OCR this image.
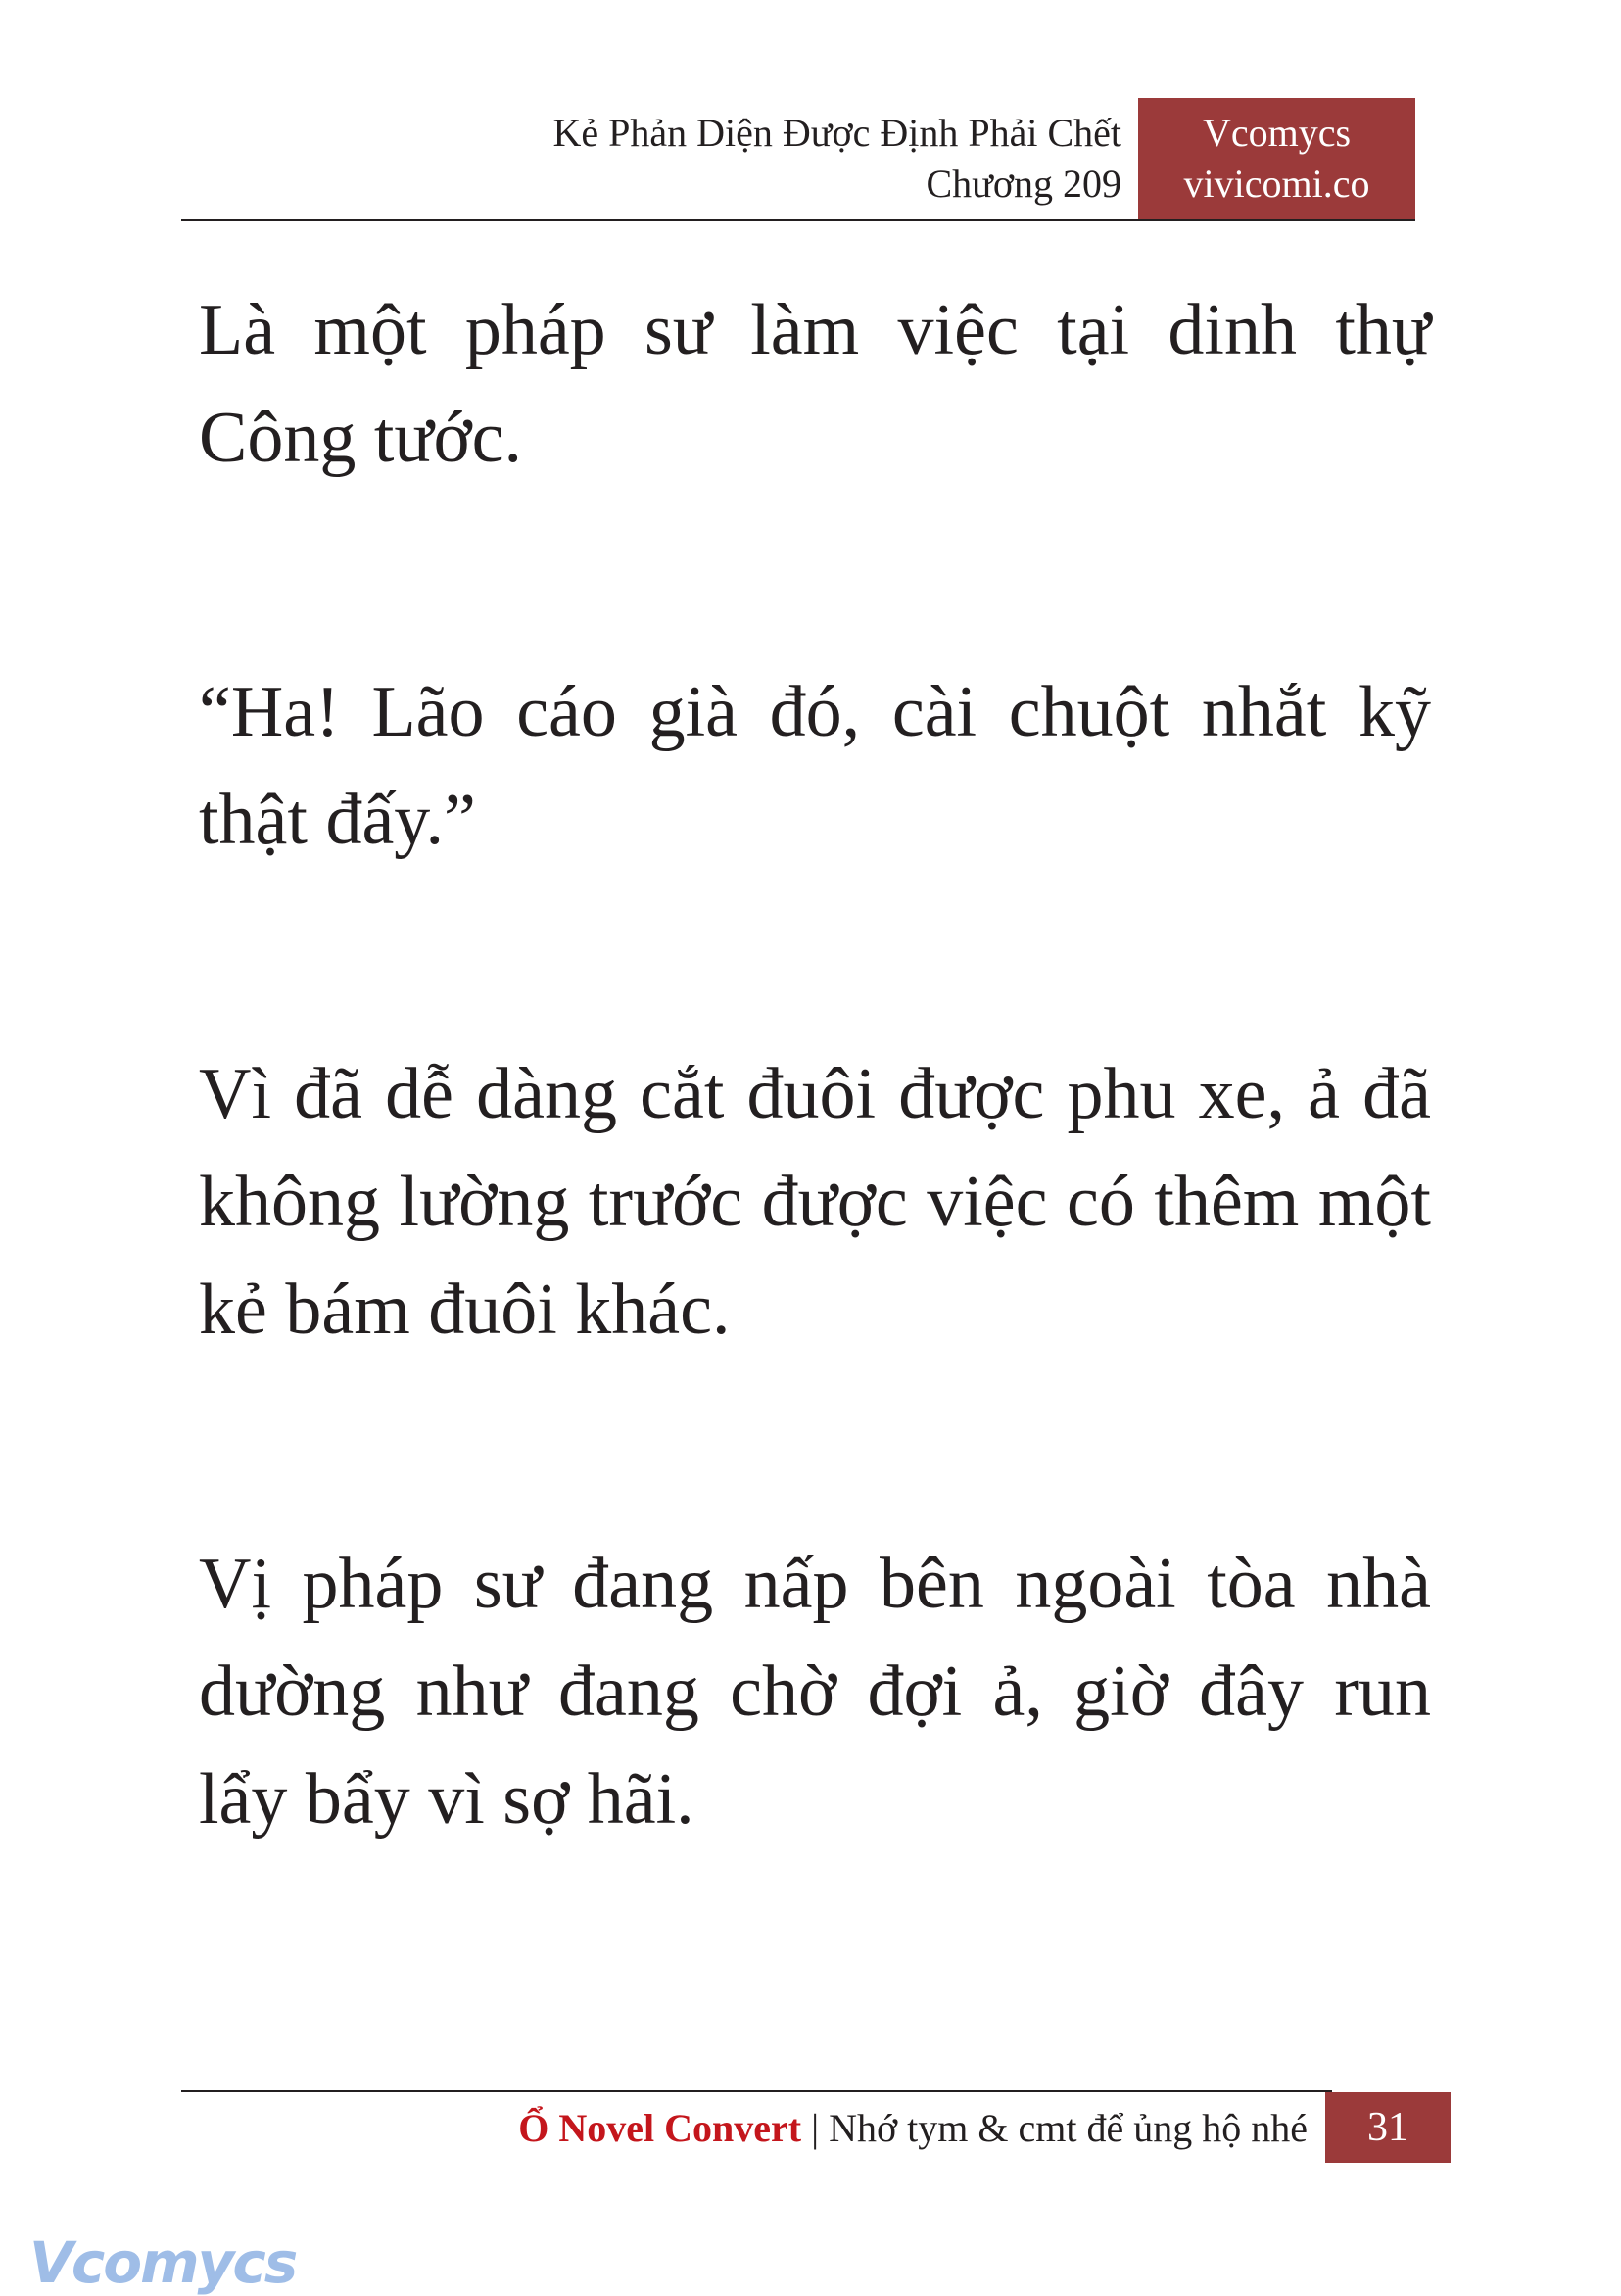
Kẻ Phản Diện Được Định Phải Chết
Chương 209
Vcomycs
vivicomi.co

Là một pháp sư làm việc tại dinh thự Công tước.

“Ha! Lão cáo già đó, cài chuột nhắt kỹ thật đấy.”

Vì đã dễ dàng cắt đuôi được phu xe, ả đã không lường trước được việc có thêm một kẻ bám đuôi khác.

Vị pháp sư đang nấp bên ngoài tòa nhà dường như đang chờ đợi ả, giờ đây run lẩy bẩy vì sợ hãi.

Ổ Novel Convert | Nhớ tym & cmt để ủng hộ nhé	31
Vcomycs
